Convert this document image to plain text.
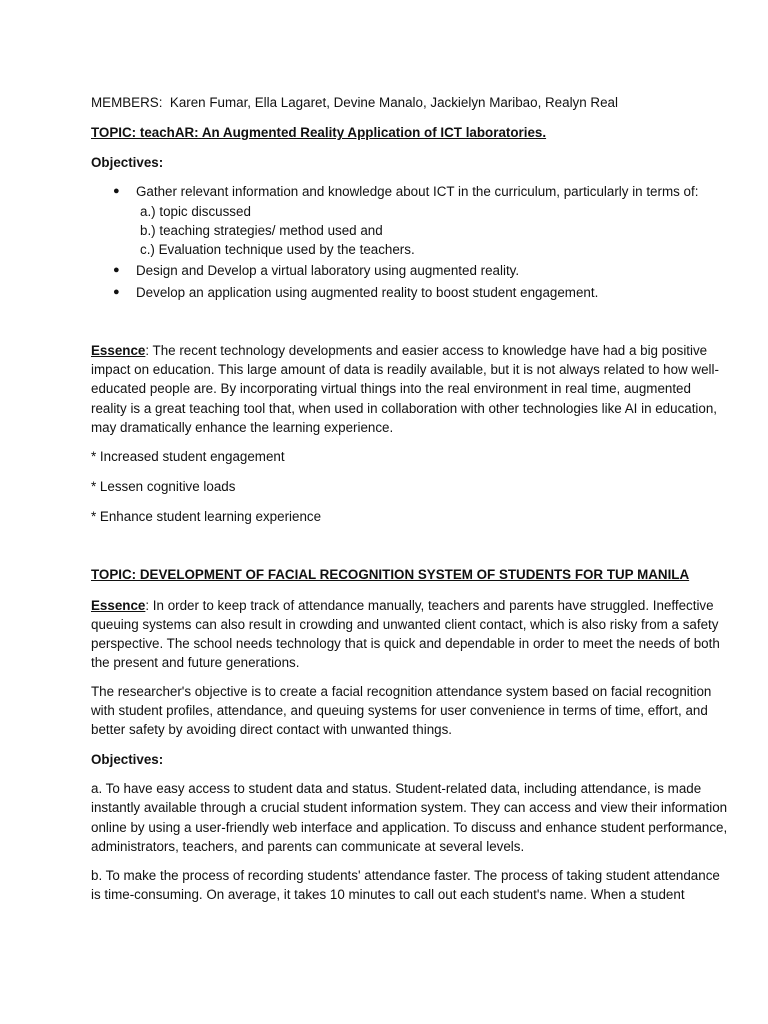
MEMBERS: Karen Fumar, Ella Lagaret, Devine Manalo, Jackielyn Maribao, Realyn Real
TOPIC: teachAR: An Augmented Reality Application of ICT laboratories.
Objectives:
● Gather relevant information and knowledge about ICT in the curriculum, particularly in terms of:
a.) topic discussed
b.) teaching strategies/ method used and
c.) Evaluation technique used by the teachers.
● Design and Develop a virtual laboratory using augmented reality.
● Develop an application using augmented reality to boost student engagement.
Essence: The recent technology developments and easier access to knowledge have had a big positive
impact on education. This large amount of data is readily available, but it is not always related to how well-
educated people are. By incorporating virtual things into the real environment in real time, augmented
reality is a great teaching tool that, when used in collaboration with other technologies like AI in education,
may dramatically enhance the learning experience.
* Increased student engagement
* Lessen cognitive loads
* Enhance student learning experience
TOPIC: DEVELOPMENT OF FACIAL RECOGNITION SYSTEM OF STUDENTS FOR TUP MANILA
Essence: In order to keep track of attendance manually, teachers and parents have struggled. Ineffective
queuing systems can also result in crowding and unwanted client contact, which is also risky from a safety
perspective. The school needs technology that is quick and dependable in order to meet the needs of both
the present and future generations.
The researcher's objective is to create a facial recognition attendance system based on facial recognition
with student profiles, attendance, and queuing systems for user convenience in terms of time, effort, and
better safety by avoiding direct contact with unwanted things.
Objectives:
a. To have easy access to student data and status. Student-related data, including attendance, is made
instantly available through a crucial student information system. They can access and view their information
online by using a user-friendly web interface and application. To discuss and enhance student performance,
administrators, teachers, and parents can communicate at several levels.
b. To make the process of recording students' attendance faster. The process of taking student attendance
is time-consuming. On average, it takes 10 minutes to call out each student's name. When a student
